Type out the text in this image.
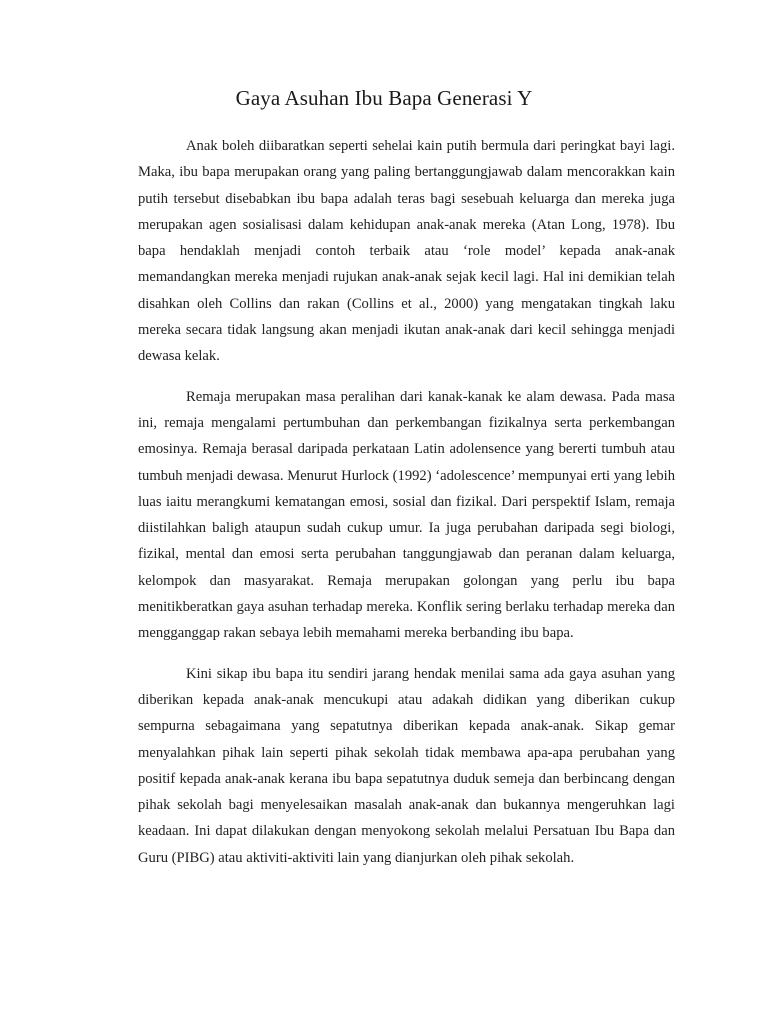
Gaya Asuhan Ibu Bapa Generasi Y

Anak boleh diibaratkan seperti sehelai kain putih bermula dari peringkat bayi lagi. Maka, ibu bapa merupakan orang yang paling bertanggungjawab dalam mencorakkan kain putih tersebut disebabkan ibu bapa adalah teras bagi sesebuah keluarga dan mereka juga merupakan agen sosialisasi dalam kehidupan anak-anak mereka (Atan Long, 1978). Ibu bapa hendaklah menjadi contoh terbaik atau ‘role model’ kepada anak-anak memandangkan mereka menjadi rujukan anak-anak sejak kecil lagi. Hal ini demikian telah disahkan oleh Collins dan rakan (Collins et al., 2000) yang mengatakan tingkah laku mereka secara tidak langsung akan menjadi ikutan anak-anak dari kecil sehingga menjadi dewasa kelak.

Remaja merupakan masa peralihan dari kanak-kanak ke alam dewasa. Pada masa ini, remaja mengalami pertumbuhan dan perkembangan fizikalnya serta perkembangan emosinya. Remaja berasal daripada perkataan Latin adolensence yang bererti tumbuh atau tumbuh menjadi dewasa. Menurut Hurlock (1992) ‘adolescence’ mempunyai erti yang lebih luas iaitu merangkumi kematangan emosi, sosial dan fizikal. Dari perspektif Islam, remaja diistilahkan baligh ataupun sudah cukup umur. Ia juga perubahan daripada segi biologi, fizikal, mental dan emosi serta perubahan tanggungjawab dan peranan dalam keluarga, kelompok dan masyarakat. Remaja merupakan golongan yang perlu ibu bapa menitikberatkan gaya asuhan terhadap mereka. Konflik sering berlaku terhadap mereka dan mengganggap rakan sebaya lebih memahami mereka berbanding ibu bapa.

Kini sikap ibu bapa itu sendiri jarang hendak menilai sama ada gaya asuhan yang diberikan kepada anak-anak mencukupi atau adakah didikan yang diberikan cukup sempurna sebagaimana yang sepatutnya diberikan kepada anak-anak. Sikap gemar menyalahkan pihak lain seperti pihak sekolah tidak membawa apa-apa perubahan yang positif kepada anak-anak kerana ibu bapa sepatutnya duduk semeja dan berbincang dengan pihak sekolah bagi menyelesaikan masalah anak-anak dan bukannya mengeruhkan lagi keadaan. Ini dapat dilakukan dengan menyokong sekolah melalui Persatuan Ibu Bapa dan Guru (PIBG) atau aktiviti-aktiviti lain yang dianjurkan oleh pihak sekolah.
